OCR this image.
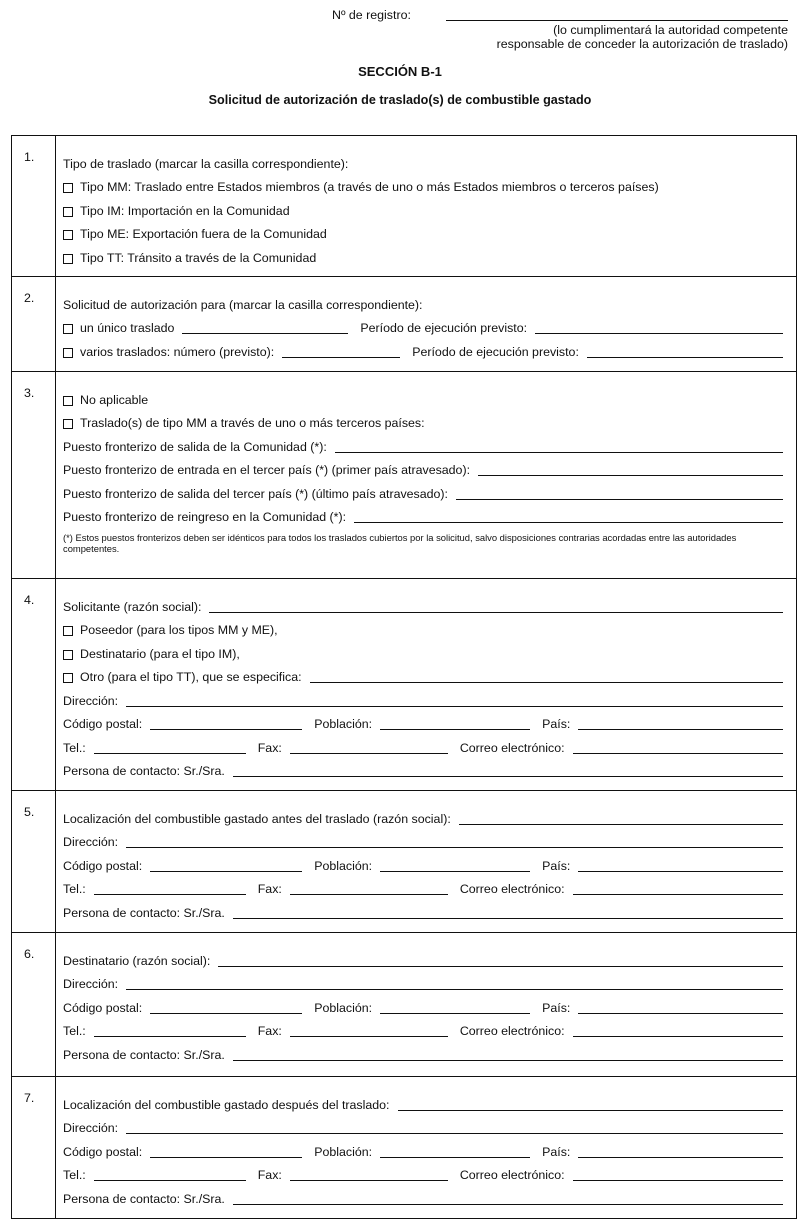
Nº de registro:
(lo cumplimentará la autoridad competente
responsable de conceder la autorización de traslado)
SECCIÓN B-1
Solicitud de autorización de traslado(s) de combustible gastado
1. Tipo de traslado (marcar la casilla correspondiente):
Tipo MM: Traslado entre Estados miembros (a través de uno o más Estados miembros o terceros países)
Tipo IM: Importación en la Comunidad
Tipo ME: Exportación fuera de la Comunidad
Tipo TT: Tránsito a través de la Comunidad
2. Solicitud de autorización para (marcar la casilla correspondiente):
un único traslado	Período de ejecución previsto:
varios traslados: número (previsto):	Período de ejecución previsto:
3.	No aplicable
Traslado(s) de tipo MM a través de uno o más terceros países:
Puesto fronterizo de salida de la Comunidad (*):
Puesto fronterizo de entrada en el tercer país (*) (primer país atravesado):
Puesto fronterizo de salida del tercer país (*) (último país atravesado):
Puesto fronterizo de reingreso en la Comunidad (*):
(*) Estos puestos fronterizos deben ser idénticos para todos los traslados cubiertos por la solicitud, salvo disposiciones contrarias acordadas entre las autoridades competentes.
4. Solicitante (razón social):
Poseedor (para los tipos MM y ME),
Destinatario (para el tipo IM),
Otro (para el tipo TT), que se especifica:
Dirección:
Código postal:	Población:	País:
Tel.:	Fax:	Correo electrónico:
Persona de contacto: Sr./Sra.
5. Localización del combustible gastado antes del traslado (razón social):
Dirección:
Código postal:	Población:	País:
Tel.:	Fax:	Correo electrónico:
Persona de contacto: Sr./Sra.
6. Destinatario (razón social):
Dirección:
Código postal:	Población:	País:
Tel.:	Fax:	Correo electrónico:
Persona de contacto: Sr./Sra.
7. Localización del combustible gastado después del traslado:
Dirección:
Código postal:	Población:	País:
Tel.:	Fax:	Correo electrónico:
Persona de contacto: Sr./Sra.
